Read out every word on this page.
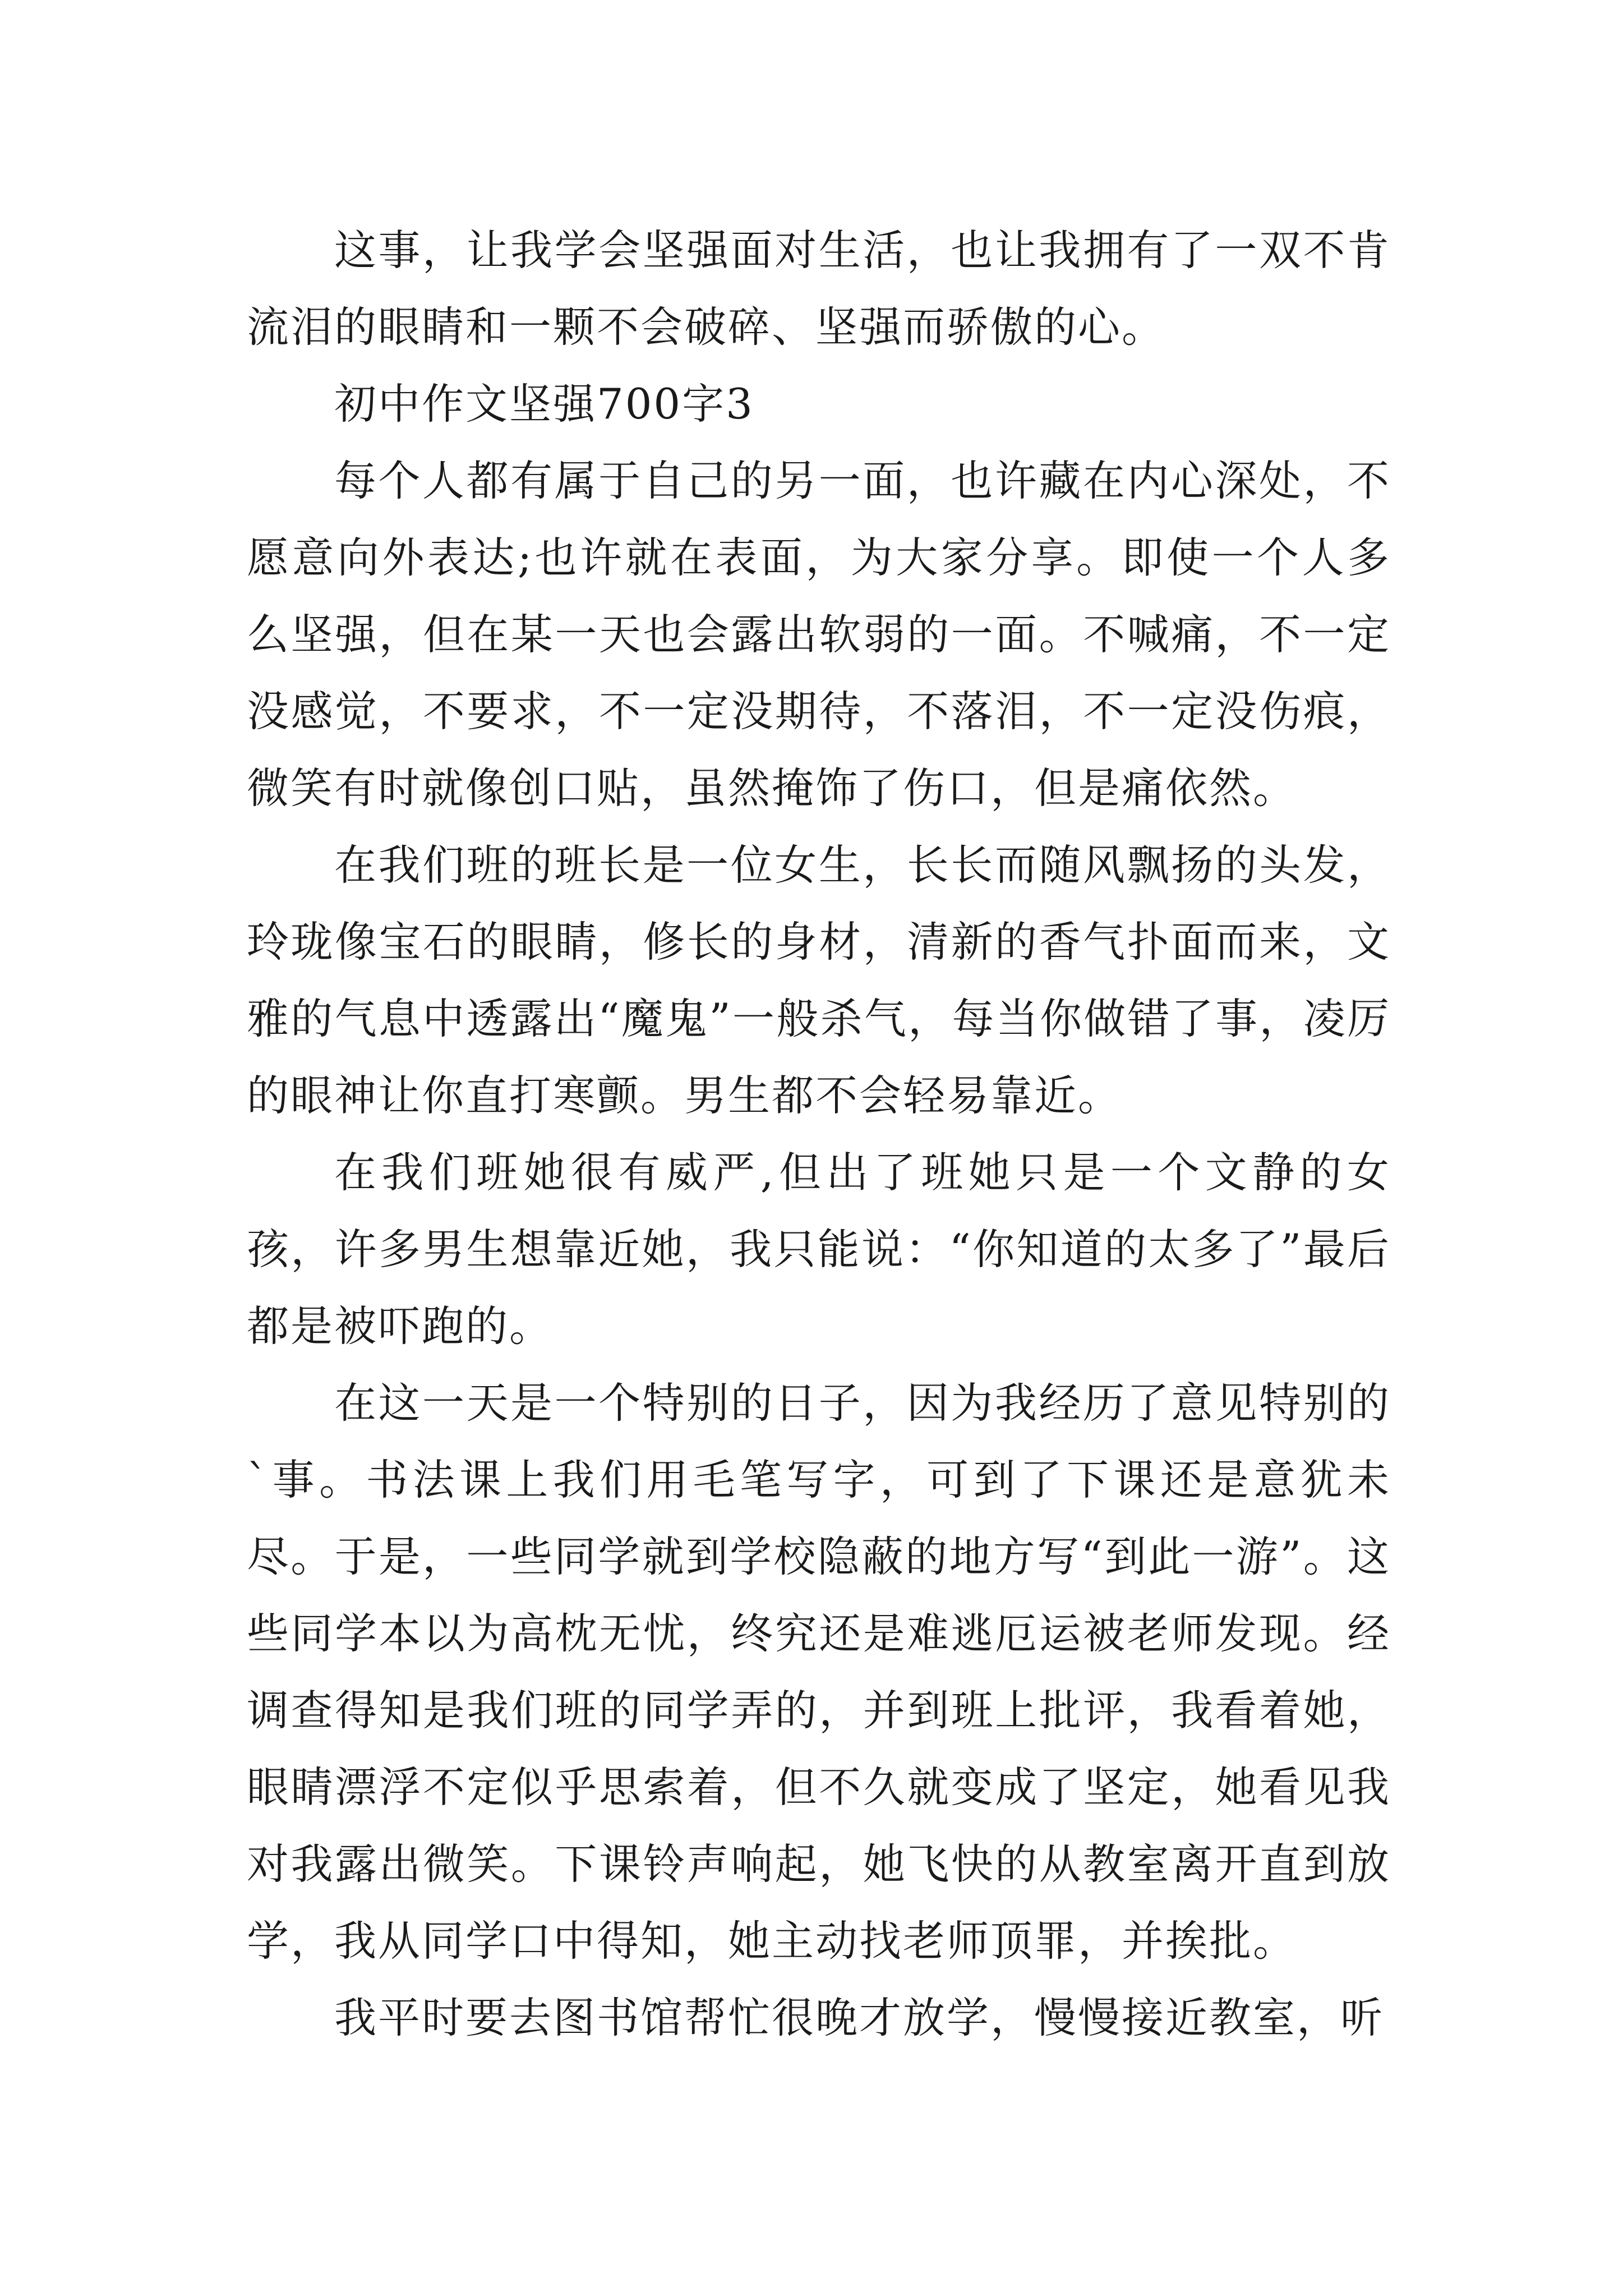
这事，让我学会坚强面对生活，也让我拥有了一双不肯流泪的眼睛和一颗不会破碎、坚强而骄傲的心。

初中作文坚强700字3

每个人都有属于自己的另一面，也许藏在内心深处，不愿意向外表达;也许就在表面，为大家分享。即使一个人多么坚强，但在某一天也会露出软弱的一面。不喊痛，不一定没感觉，不要求，不一定没期待，不落泪，不一定没伤痕，微笑有时就像创口贴，虽然掩饰了伤口，但是痛依然。

在我们班的班长是一位女生，长长而随风飘扬的头发，玲珑像宝石的眼睛，修长的身材，清新的香气扑面而来，文雅的气息中透露出“魔鬼”一般杀气，每当你做错了事，凌厉的眼神让你直打寒颤。男生都不会轻易靠近。

在我们班她很有威严,但出了班她只是一个文静的女孩，许多男生想靠近她，我只能说：“你知道的太多了”最后都是被吓跑的。

在这一天是一个特别的日子，因为我经历了意见特别的`事。书法课上我们用毛笔写字，可到了下课还是意犹未尽。于是，一些同学就到学校隐蔽的地方写“到此一游”。这些同学本以为高枕无忧，终究还是难逃厄运被老师发现。经调查得知是我们班的同学弄的，并到班上批评，我看着她，眼睛漂浮不定似乎思索着，但不久就变成了坚定，她看见我对我露出微笑。下课铃声响起，她飞快的从教室离开直到放学，我从同学口中得知，她主动找老师顶罪，并挨批。

我平时要去图书馆帮忙很晚才放学，慢慢接近教室，听
